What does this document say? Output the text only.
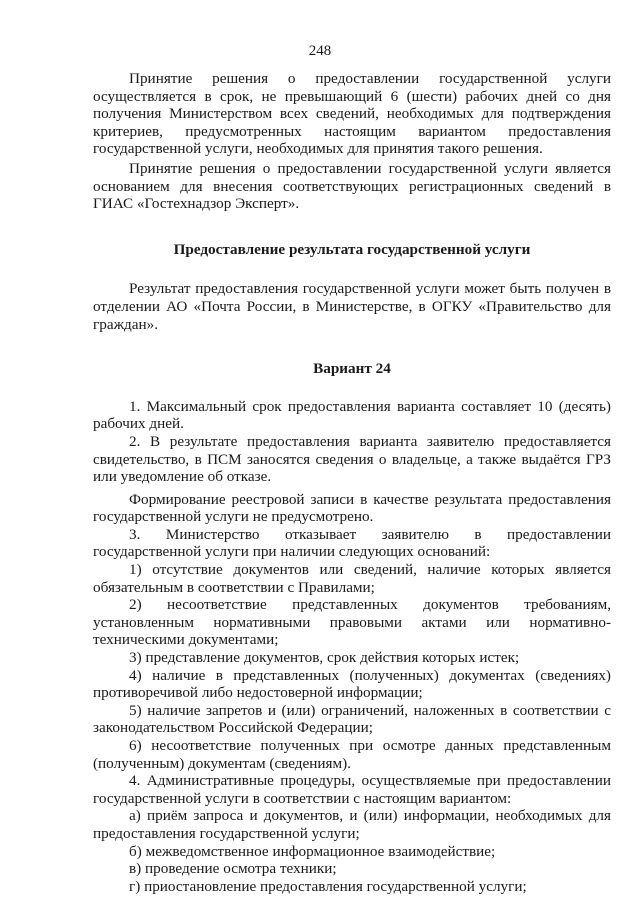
248

Принятие решения о предоставлении государственной услуги осуществляется в срок, не превышающий 6 (шести) рабочих дней со дня получения Министерством всех сведений, необходимых для подтверждения критериев, предусмотренных настоящим вариантом предоставления государственной услуги, необходимых для принятия такого решения.

Принятие решения о предоставлении государственной услуги является основанием для внесения соответствующих регистрационных сведений в ГИАС «Гостехнадзор Эксперт».

Предоставление результата государственной услуги

Результат предоставления государственной услуги может быть получен в отделении АО «Почта России, в Министерстве, в ОГКУ «Правительство для граждан».

Вариант 24

1. Максимальный срок предоставления варианта составляет 10 (десять) рабочих дней.

2. В результате предоставления варианта заявителю предоставляется свидетельство, в ПСМ заносятся сведения о владельце, а также выдаётся ГРЗ или уведомление об отказе.

Формирование реестровой записи в качестве результата предоставления государственной услуги не предусмотрено.

3. Министерство отказывает заявителю в предоставлении государственной услуги при наличии следующих оснований:

1) отсутствие документов или сведений, наличие которых является обязательным в соответствии с Правилами;

2) несоответствие представленных документов требованиям, установленным нормативными правовыми актами или нормативно-техническими документами;

3) представление документов, срок действия которых истек;

4) наличие в представленных (полученных) документах (сведениях) противоречивой либо недостоверной информации;

5) наличие запретов и (или) ограничений, наложенных в соответствии с законодательством Российской Федерации;

6) несоответствие полученных при осмотре данных представленным (полученным) документам (сведениям).

4. Административные процедуры, осуществляемые при предоставлении государственной услуги в соответствии с настоящим вариантом:

а) приём запроса и документов, и (или) информации, необходимых для предоставления государственной услуги;

б) межведомственное информационное взаимодействие;

в) проведение осмотра техники;

г) приостановление предоставления государственной услуги;
